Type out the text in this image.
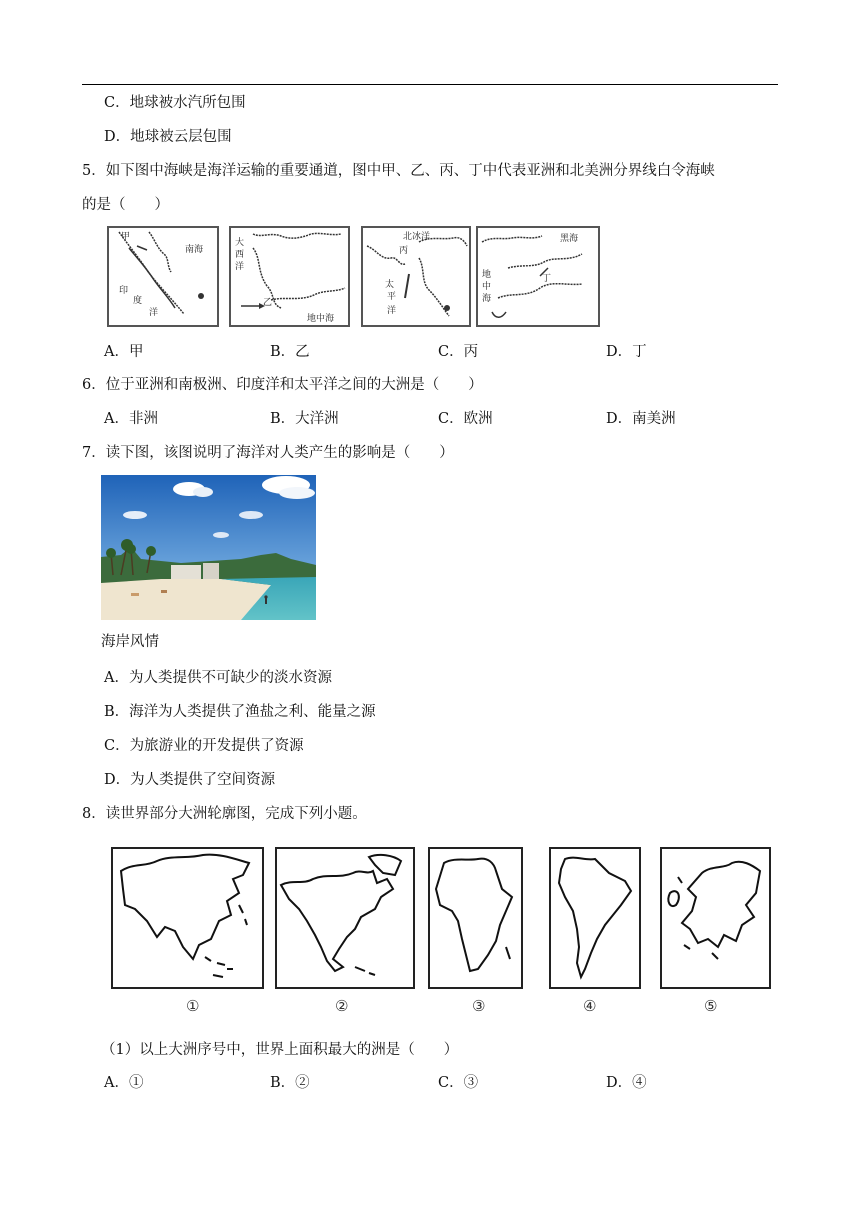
C．地球被水汽所包围
D．地球被云层包围
5．如下图中海峡是海洋运输的重要通道，图中甲、乙、丙、丁中代表亚洲和北美洲分界线白令海峡
的是（　　）
甲
南海
印
度
洋
大
西
洋
乙
地中海
北冰洋
丙
太
平
洋
黑海
丁
地
中
海
A．甲	B．乙	C．丙	D．丁
6．位于亚洲和南极洲、印度洋和太平洋之间的大洲是（　　）
A．非洲	B．大洋洲	C．欧洲	D．南美洲
7．读下图，该图说明了海洋对人类产生的影响是（　　）
海岸风情
A．为人类提供不可缺少的淡水资源
B．海洋为人类提供了渔盐之利、能量之源
C．为旅游业的开发提供了资源
D．为人类提供了空间资源
8．读世界部分大洲轮廓图，完成下列小题。
①	②	③	④	⑤
（1）以上大洲序号中，世界上面积最大的洲是（　　）
A．①	B．②	C．③	D．④
